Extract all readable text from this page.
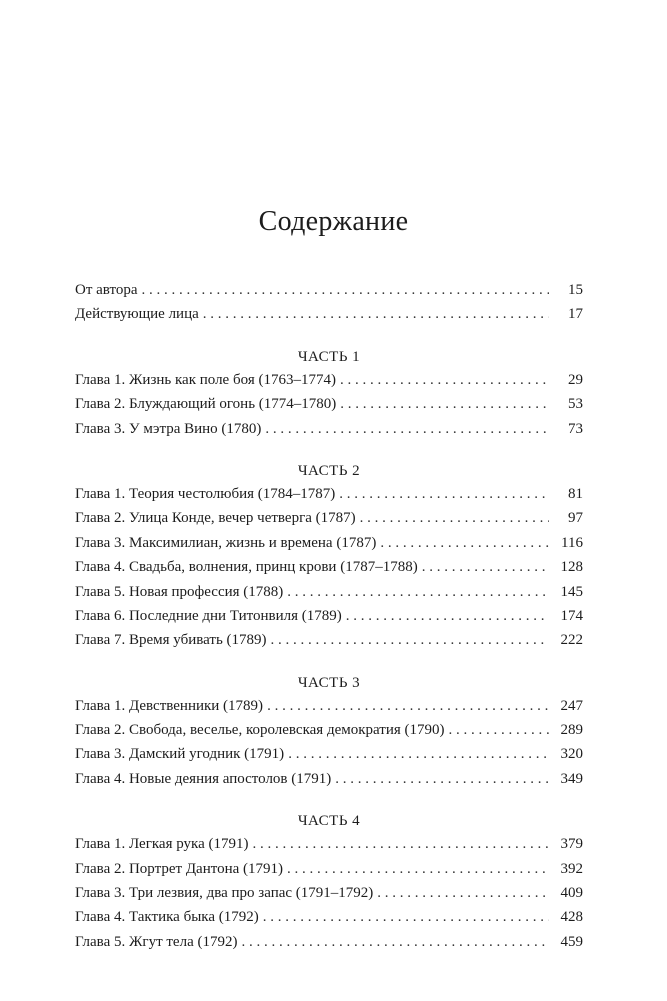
Содержание
От автора . . .	15
Действующие лица . . .	17
ЧАСТЬ 1
Глава 1. Жизнь как поле боя (1763–1774) . . .	29
Глава 2. Блуждающий огонь (1774–1780) . . .	53
Глава 3. У мэтра Вино (1780) . . .	73
ЧАСТЬ 2
Глава 1. Теория честолюбия (1784–1787) . . .	81
Глава 2. Улица Конде, вечер четверга (1787) . . .	97
Глава 3. Максимилиан, жизнь и времена (1787) . . .	116
Глава 4. Свадьба, волнения, принц крови (1787–1788) . . .	128
Глава 5. Новая профессия (1788) . . .	145
Глава 6. Последние дни Титонвиля (1789) . . .	174
Глава 7. Время убивать (1789) . . .	222
ЧАСТЬ 3
Глава 1. Девственники (1789) . . .	247
Глава 2. Свобода, веселье, королевская демократия (1790) . . .	289
Глава 3. Дамский угодник (1791) . . .	320
Глава 4. Новые деяния апостолов (1791) . . .	349
ЧАСТЬ 4
Глава 1. Легкая рука (1791) . . .	379
Глава 2. Портрет Дантона (1791) . . .	392
Глава 3. Три лезвия, два про запас (1791–1792) . . .	409
Глава 4. Тактика быка (1792) . . .	428
Глава 5. Жгут тела (1792) . . .	459
